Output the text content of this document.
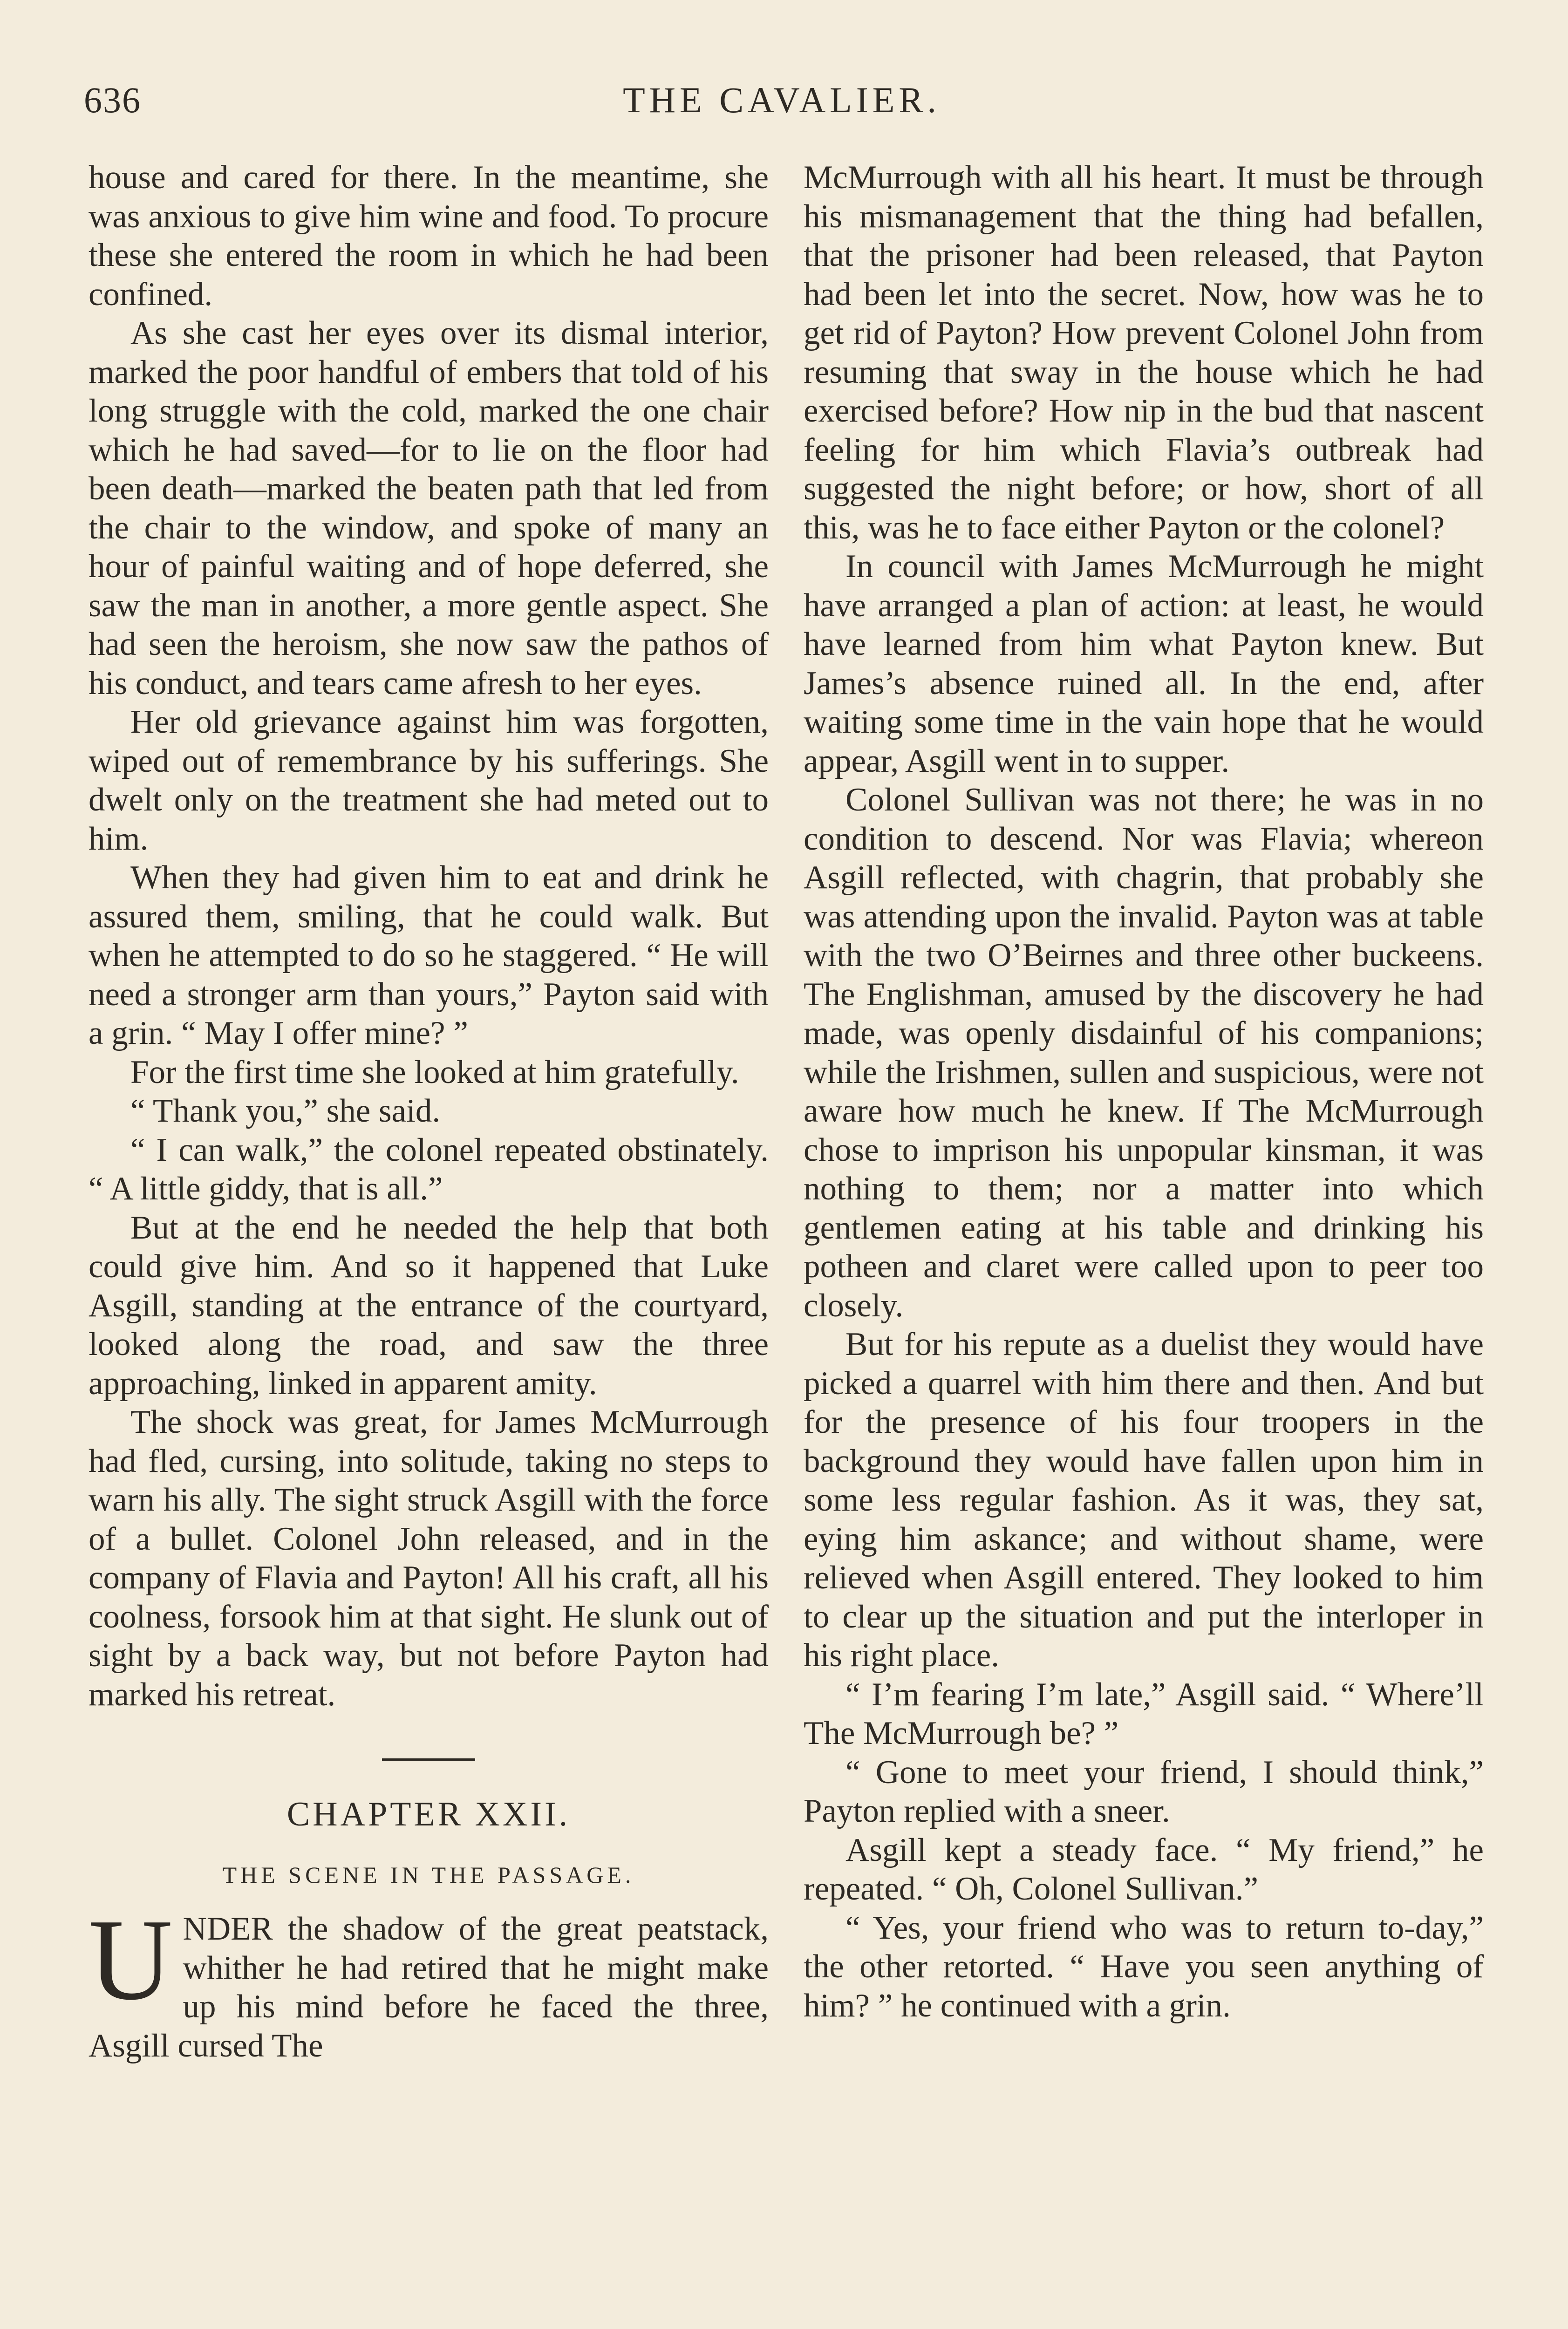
636	THE CAVALIER.

house and cared for there. In the meantime, she was anxious to give him wine and food. To procure these she entered the room in which he had been confined.

As she cast her eyes over its dismal interior, marked the poor handful of embers that told of his long struggle with the cold, marked the one chair which he had saved—for to lie on the floor had been death—marked the beaten path that led from the chair to the window, and spoke of many an hour of painful waiting and of hope deferred, she saw the man in another, a more gentle aspect. She had seen the heroism, she now saw the pathos of his conduct, and tears came afresh to her eyes.

Her old grievance against him was forgotten, wiped out of remembrance by his sufferings. She dwelt only on the treatment she had meted out to him.

When they had given him to eat and drink he assured them, smiling, that he could walk. But when he attempted to do so he staggered. “ He will need a stronger arm than yours,” Payton said with a grin. “ May I offer mine? ”

For the first time she looked at him gratefully.

“ Thank you,” she said.

“ I can walk,” the colonel repeated obstinately. “ A little giddy, that is all.”

But at the end he needed the help that both could give him. And so it happened that Luke Asgill, standing at the entrance of the courtyard, looked along the road, and saw the three approaching, linked in apparent amity.

The shock was great, for James McMurrough had fled, cursing, into solitude, taking no steps to warn his ally. The sight struck Asgill with the force of a bullet. Colonel John released, and in the company of Flavia and Payton! All his craft, all his coolness, forsook him at that sight. He slunk out of sight by a back way, but not before Payton had marked his retreat.

CHAPTER XXII.
THE SCENE IN THE PASSAGE.

UNDER the shadow of the great peatstack, whither he had retired that he might make up his mind before he faced the three, Asgill cursed The

McMurrough with all his heart. It must be through his mismanagement that the thing had befallen, that the prisoner had been released, that Payton had been let into the secret. Now, how was he to get rid of Payton? How prevent Colonel John from resuming that sway in the house which he had exercised before? How nip in the bud that nascent feeling for him which Flavia’s outbreak had suggested the night before; or how, short of all this, was he to face either Payton or the colonel?

In council with James McMurrough he might have arranged a plan of action: at least, he would have learned from him what Payton knew. But James’s absence ruined all. In the end, after waiting some time in the vain hope that he would appear, Asgill went in to supper.

Colonel Sullivan was not there; he was in no condition to descend. Nor was Flavia; whereon Asgill reflected, with chagrin, that probably she was attending upon the invalid. Payton was at table with the two O’Beirnes and three other buckeens. The Englishman, amused by the discovery he had made, was openly disdainful of his companions; while the Irishmen, sullen and suspicious, were not aware how much he knew. If The McMurrough chose to imprison his unpopular kinsman, it was nothing to them; nor a matter into which gentlemen eating at his table and drinking his potheen and claret were called upon to peer too closely.

But for his repute as a duelist they would have picked a quarrel with him there and then. And but for the presence of his four troopers in the background they would have fallen upon him in some less regular fashion. As it was, they sat, eying him askance; and without shame, were relieved when Asgill entered. They looked to him to clear up the situation and put the interloper in his right place.

“ I’m fearing I’m late,” Asgill said. “ Where’ll The McMurrough be? ”

“ Gone to meet your friend, I should think,” Payton replied with a sneer.

Asgill kept a steady face. “ My friend,” he repeated. “ Oh, Colonel Sullivan.”

“ Yes, your friend who was to return to-day,” the other retorted. “ Have you seen anything of him? ” he continued with a grin.
